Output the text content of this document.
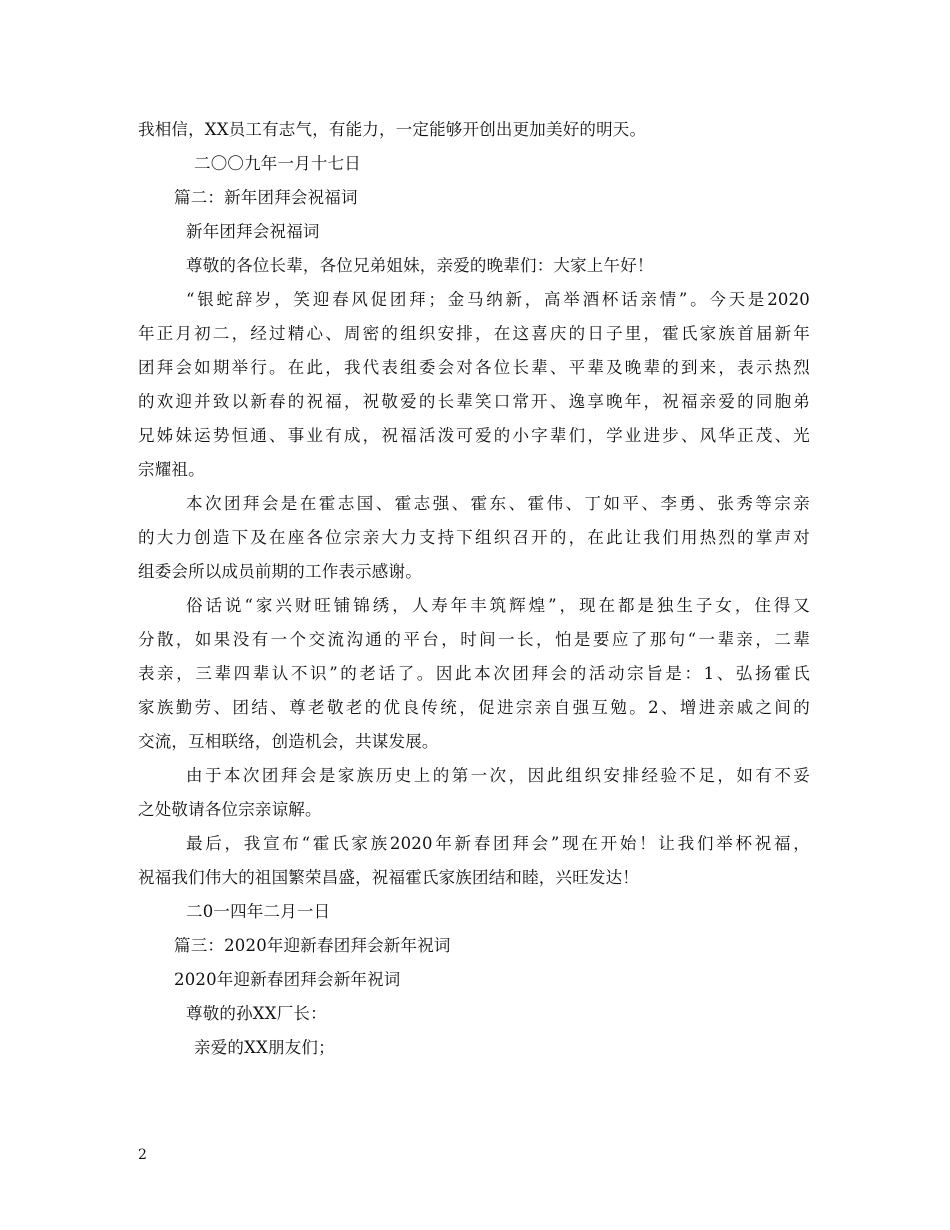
我相信，XX员工有志气，有能力，一定能够开创出更加美好的明天。
二〇〇九年一月十七日
篇二：新年团拜会祝福词
新年团拜会祝福词
尊敬的各位长辈，各位兄弟姐妹，亲爱的晚辈们：大家上午好！
“银蛇辞岁，笑迎春风促团拜；金马纳新，高举酒杯话亲情”。今天是2020
年正月初二，经过精心、周密的组织安排，在这喜庆的日子里，霍氏家族首届新年
团拜会如期举行。在此，我代表组委会对各位长辈、平辈及晚辈的到来，表示热烈
的欢迎并致以新春的祝福，祝敬爱的长辈笑口常开、逸享晚年，祝福亲爱的同胞弟
兄姊妹运势恒通、事业有成，祝福活泼可爱的小字辈们，学业进步、风华正茂、光
宗耀祖。
本次团拜会是在霍志国、霍志强、霍东、霍伟、丁如平、李勇、张秀等宗亲
的大力创造下及在座各位宗亲大力支持下组织召开的，在此让我们用热烈的掌声对
组委会所以成员前期的工作表示感谢。
俗话说“家兴财旺铺锦绣，人寿年丰筑辉煌”，现在都是独生子女，住得又
分散，如果没有一个交流沟通的平台，时间一长，怕是要应了那句“一辈亲，二辈
表亲，三辈四辈认不识”的老话了。因此本次团拜会的活动宗旨是：1、弘扬霍氏
家族勤劳、团结、尊老敬老的优良传统，促进宗亲自强互勉。2、增进亲戚之间的
交流，互相联络，创造机会，共谋发展。
由于本次团拜会是家族历史上的第一次，因此组织安排经验不足，如有不妥
之处敬请各位宗亲谅解。
最后，我宣布“霍氏家族2020年新春团拜会”现在开始！让我们举杯祝福，
祝福我们伟大的祖国繁荣昌盛，祝福霍氏家族团结和睦，兴旺发达！
二0一四年二月一日
篇三：2020年迎新春团拜会新年祝词
2020年迎新春团拜会新年祝词
尊敬的孙XX厂长：
亲爱的XX朋友们；
2
